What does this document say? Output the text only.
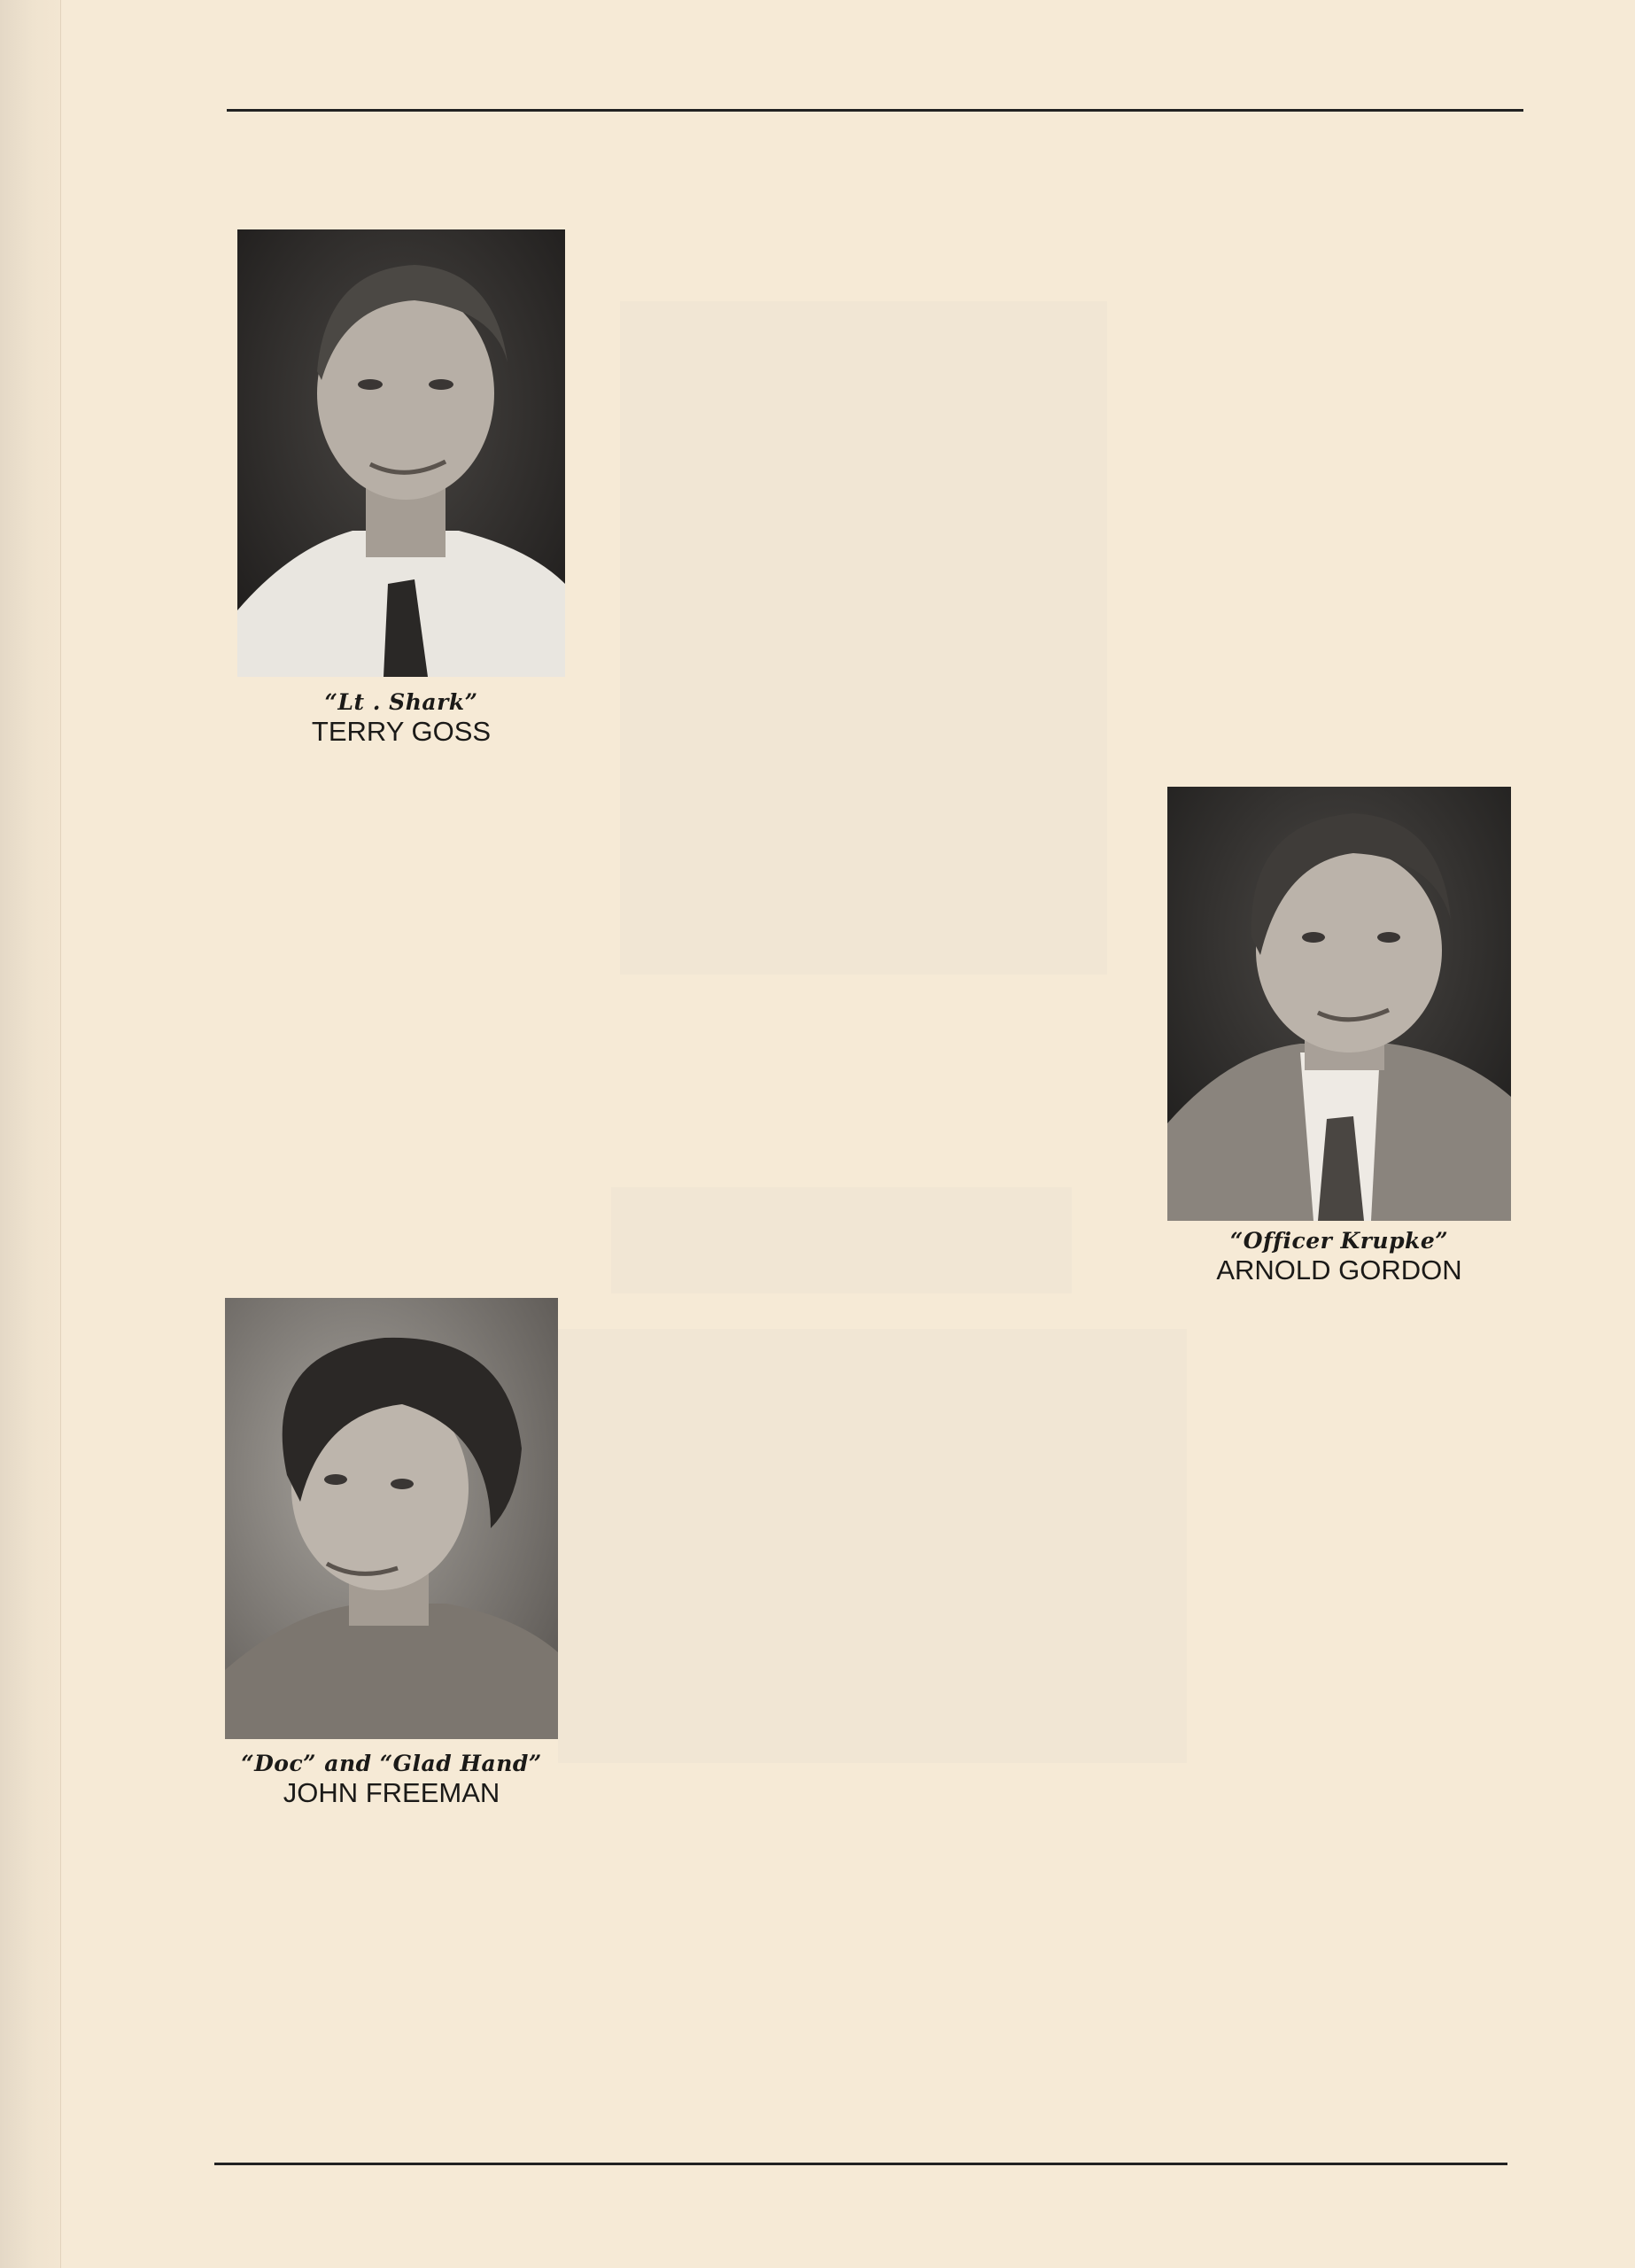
“Lt . Shark”
TERRY GOSS
“Officer Krupke”
ARNOLD GORDON
“Doc” and “Glad Hand”
JOHN FREEMAN
